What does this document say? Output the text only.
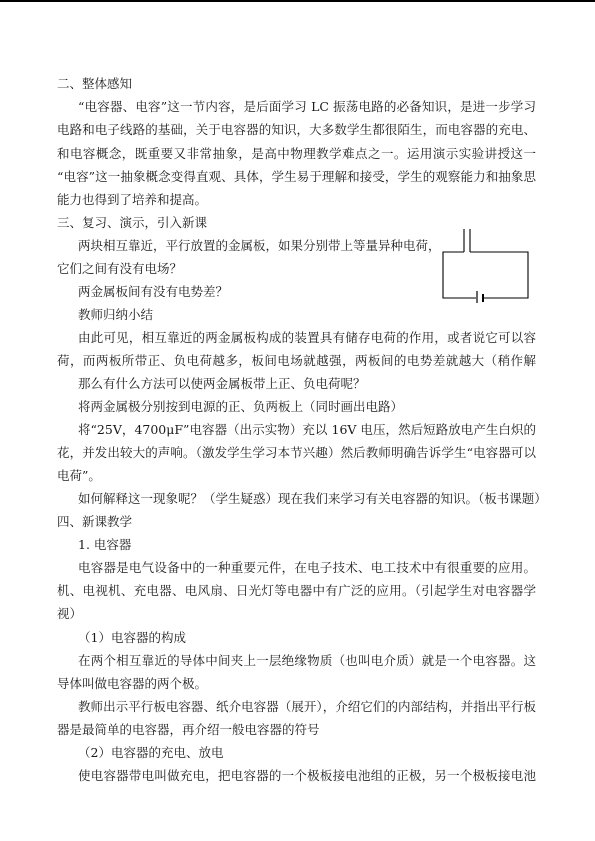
二、整体感知
“电容器、电容”这一节内容，是后面学习 LC 振荡电路的必备知识，是进一步学习
电路和电子线路的基础，关于电容器的知识，大多数学生都很陌生，而电容器的充电、
和电容概念，既重要又非常抽象，是高中物理教学难点之一。运用演示实验讲授这一
“电容”这一抽象概念变得直观、具体，学生易于理解和接受，学生的观察能力和抽象思
能力也得到了培养和提高。
三、复习、演示，引入新课
两块相互靠近，平行放置的金属板，如果分别带上等量异种电荷，
它们之间有没有电场？
两金属板间有没有电势差？
教师归纳小结
由此可见，相互靠近的两金属板构成的装置具有储存电荷的作用，或者说它可以容
荷，而两板所带正、负电荷越多，板间电场就越强，两板间的电势差就越大（稍作解
那么有什么方法可以使两金属板带上正、负电荷呢？
将两金属极分别按到电源的正、负两板上（同时画出电路）
将“25V，4700μF”电容器（出示实物）充以 16V 电压，然后短路放电产生白炽的
花，并发出较大的声响。（激发学生学习本节兴趣）然后教师明确告诉学生“电容器可以
电荷”。
如何解释这一现象呢？（学生疑惑）现在我们来学习有关电容器的知识。（板书课题）
四、新课教学
1. 电容器
电容器是电气设备中的一种重要元件，在电子技术、电工技术中有很重要的应用。
机、电视机、充电器、电风扇、日光灯等电器中有广泛的应用。（引起学生对电容器学
视）
（1）电容器的构成
在两个相互靠近的导体中间夹上一层绝缘物质（也叫电介质）就是一个电容器。这
导体叫做电容器的两个极。
教师出示平行板电容器、纸介电容器（展开），介绍它们的内部结构，并指出平行板
器是最简单的电容器，再介绍一般电容器的符号
（2）电容器的充电、放电
使电容器带电叫做充电，把电容器的一个极板接电池组的正极，另一个极板接电池
